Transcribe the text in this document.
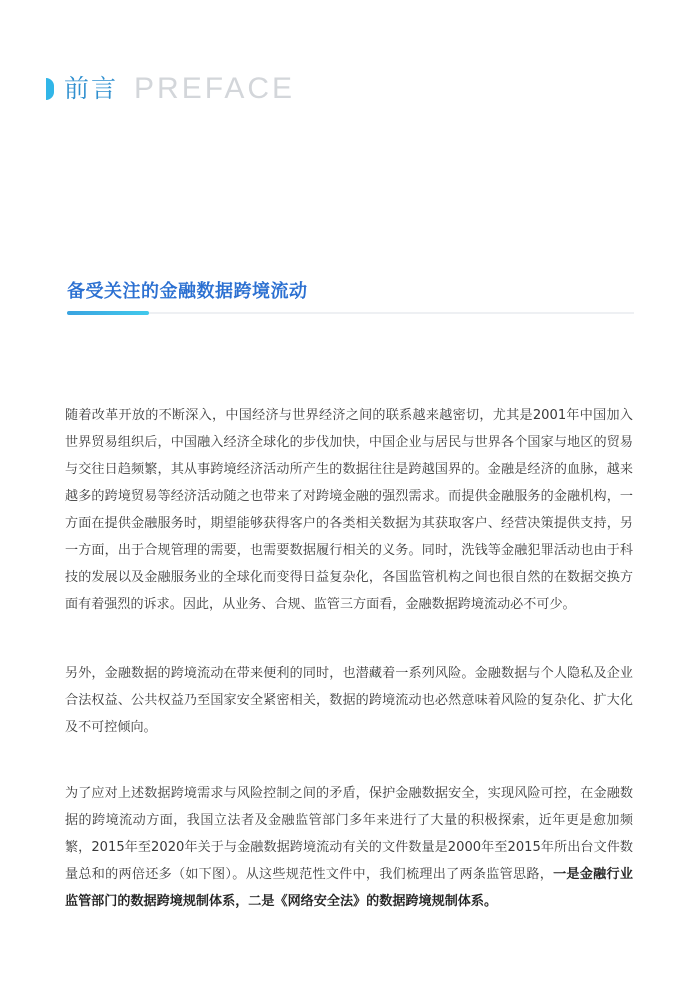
前言 PREFACE
备受关注的金融数据跨境流动

随着改革开放的不断深入，中国经济与世界经济之间的联系越来越密切，尤其是2001年中国加入世界贸易组织后，中国融入经济全球化的步伐加快，中国企业与居民与世界各个国家与地区的贸易与交往日趋频繁，其从事跨境经济活动所产生的数据往往是跨越国界的。金融是经济的血脉，越来越多的跨境贸易等经济活动随之也带来了对跨境金融的强烈需求。而提供金融服务的金融机构，一方面在提供金融服务时，期望能够获得客户的各类相关数据为其获取客户、经营决策提供支持，另一方面，出于合规管理的需要，也需要数据履行相关的义务。同时，洗钱等金融犯罪活动也由于科技的发展以及金融服务业的全球化而变得日益复杂化，各国监管机构之间也很自然的在数据交换方面有着强烈的诉求。因此，从业务、合规、监管三方面看，金融数据跨境流动必不可少。

另外，金融数据的跨境流动在带来便利的同时，也潜藏着一系列风险。金融数据与个人隐私及企业合法权益、公共权益乃至国家安全紧密相关，数据的跨境流动也必然意味着风险的复杂化、扩大化及不可控倾向。

为了应对上述数据跨境需求与风险控制之间的矛盾，保护金融数据安全，实现风险可控，在金融数据的跨境流动方面，我国立法者及金融监管部门多年来进行了大量的积极探索，近年更是愈加频繁，2015年至2020年关于与金融数据跨境流动有关的文件数量是2000年至2015年所出台文件数量总和的两倍还多（如下图）。从这些规范性文件中，我们梳理出了两条监管思路，一是金融行业监管部门的数据跨境规制体系，二是《网络安全法》的数据跨境规制体系。
